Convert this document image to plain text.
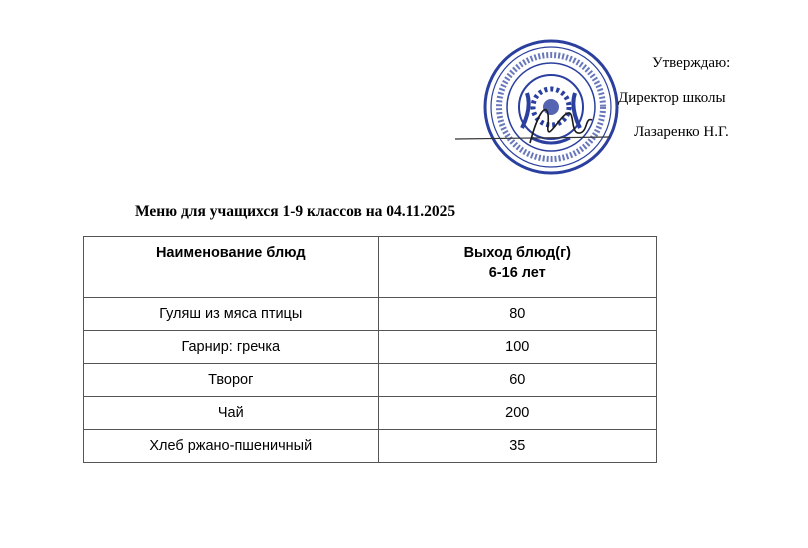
Утверждаю:
Директор школы
Лазаренко Н.Г.
Меню для учащихся 1-9 классов на 04.11.2025
Наименование блюд	Выход блюд(г)
6-16 лет

Гуляш из мяса птицы	80
Гарнир: гречка	100
Творог	60
Чай	200
Хлеб ржано-пшеничный	35
